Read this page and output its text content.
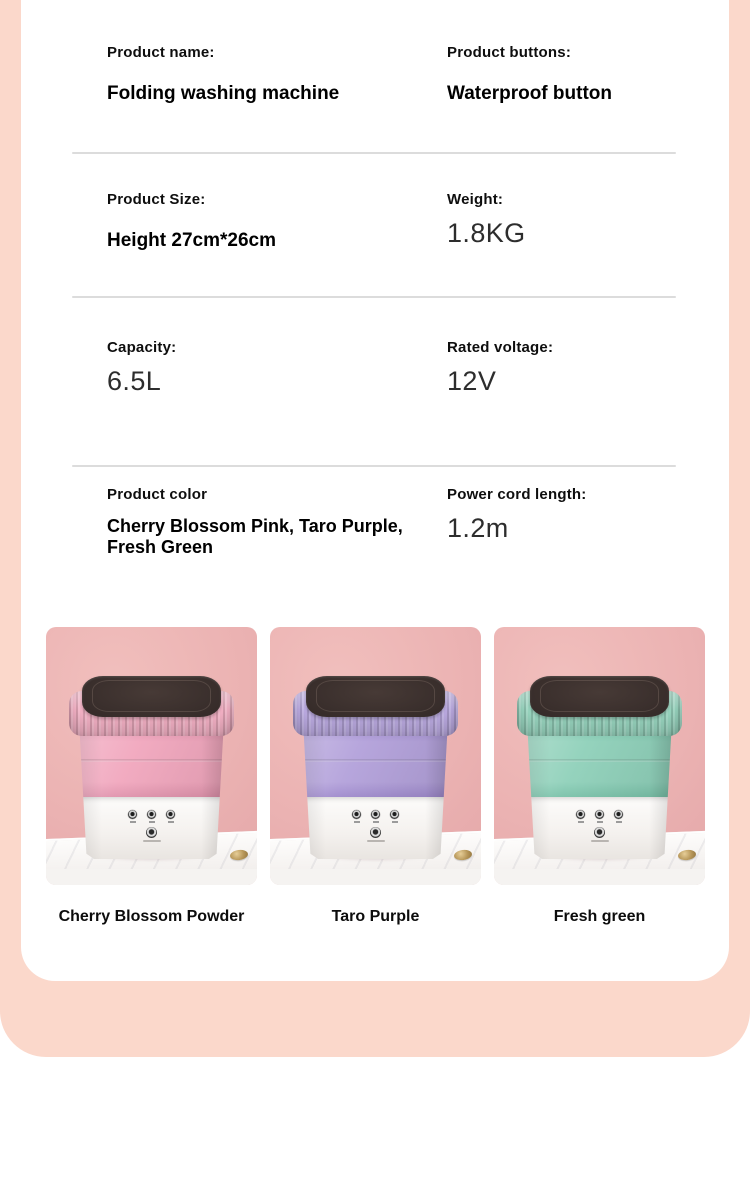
Product name:
Folding washing machine
Product buttons:
Waterproof button
Product Size:
Height 27cm*26cm
Weight:
1.8KG
Capacity:
6.5L
Rated voltage:
12V
Product color
Cherry Blossom Pink, Taro Purple, Fresh Green
Power cord length:
1.2m
Cherry Blossom Powder	Taro Purple	Fresh green
